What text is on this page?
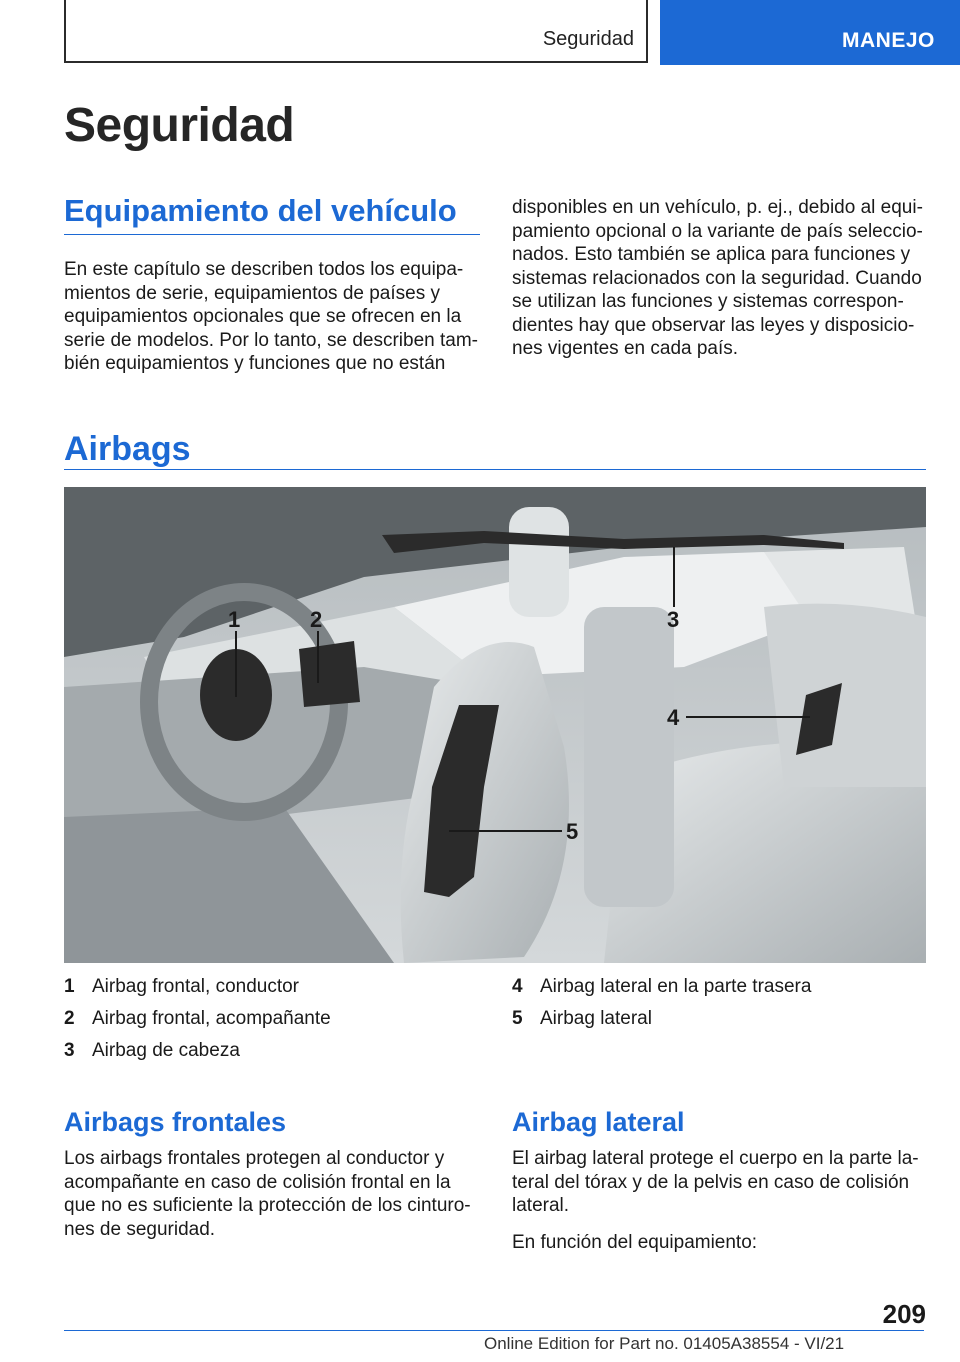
Seguridad	MANEJO
Seguridad
Equipamiento del vehículo

En este capítulo se describen todos los equipa-
mientos de serie, equipamientos de países y
equipamientos opcionales que se ofrecen en la
serie de modelos. Por lo tanto, se describen tam-
bién equipamientos y funciones que no están

disponibles en un vehículo, p. ej., debido al equi-
pamiento opcional o la variante de país seleccio-
nados. Esto también se aplica para funciones y
sistemas relacionados con la seguridad. Cuando
se utilizan las funciones y sistemas correspon-
dientes hay que observar las leyes y disposicio-
nes vigentes en cada país.

Airbags
1	2	3
4
5
1 Airbag frontal, conductor
2 Airbag frontal, acompañante
3 Airbag de cabeza
4 Airbag lateral en la parte trasera
5 Airbag lateral
Airbags frontales

Los airbags frontales protegen al conductor y
acompañante en caso de colisión frontal en la
que no es suficiente la protección de los cinturo-
nes de seguridad.

Airbag lateral

El airbag lateral protege el cuerpo en la parte la-
teral del tórax y de la pelvis en caso de colisión
lateral.

En función del equipamiento:

209
Online Edition for Part no. 01405A38554 - VI/21
